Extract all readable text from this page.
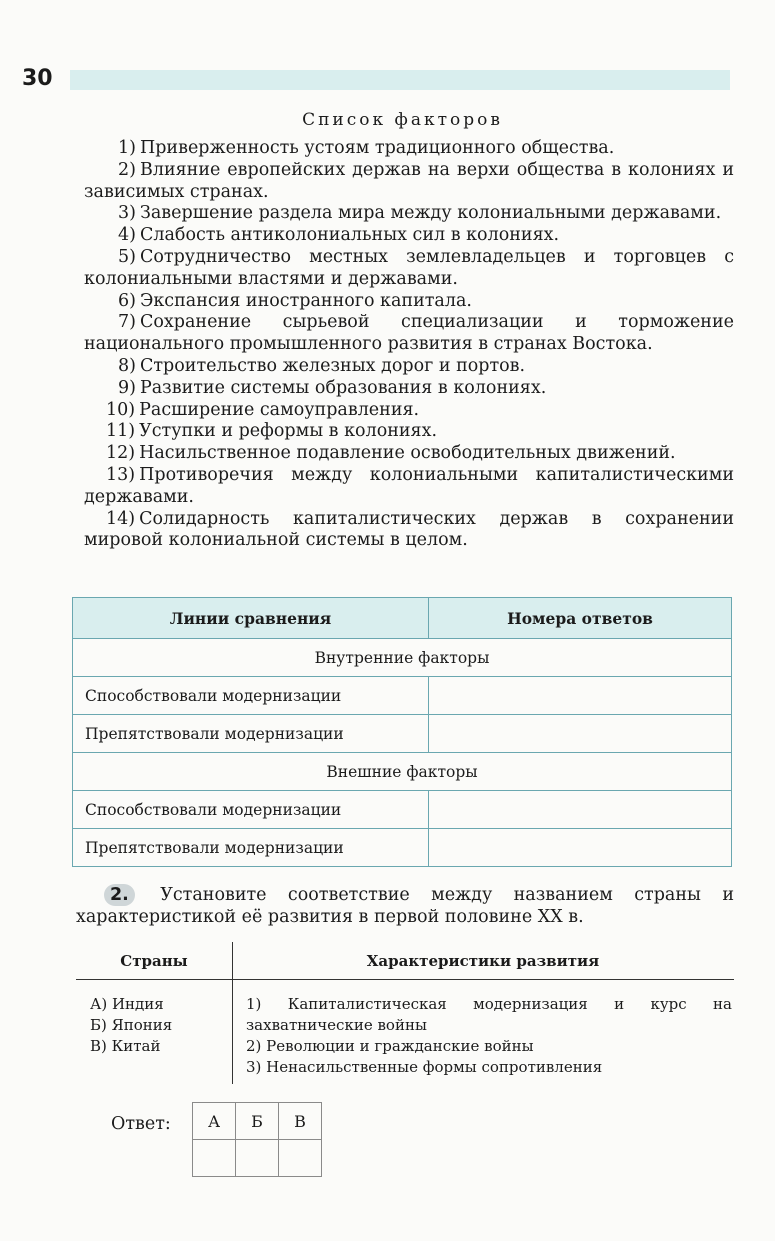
30
Список факторов
1) Приверженность устоям традиционного общества.
2) Влияние европейских держав на верхи общества в колониях и зависимых странах.
3) Завершение раздела мира между колониальными державами.
4) Слабость антиколониальных сил в колониях.
5) Сотрудничество местных землевладельцев и торговцев с колониальными властями и державами.
6) Экспансия иностранного капитала.
7) Сохранение сырьевой специализации и торможение национального промышленного развития в странах Востока.
8) Строительство железных дорог и портов.
9) Развитие системы образования в колониях.
10) Расширение самоуправления.
11) Уступки и реформы в колониях.
12) Насильственное подавление освободительных движений.
13) Противоречия между колониальными капиталистическими державами.
14) Солидарность капиталистических держав в сохранении мировой колониальной системы в целом.
Линии сравнения	Номера ответов
Внутренние факторы	
Способствовали модернизации	
Препятствовали модернизации	
Внешние факторы	
Способствовали модернизации	
Препятствовали модернизации	
2. Установите соответствие между названием страны и характеристикой её развития в первой половине XX в.
Страны	Характеристики развития
А) Индия
Б) Япония
В) Китай
1) Капиталистическая модернизация и курс на захватнические войны
2) Революции и гражданские войны
3) Ненасильственные формы сопротивления
Ответ: А	Б	В
